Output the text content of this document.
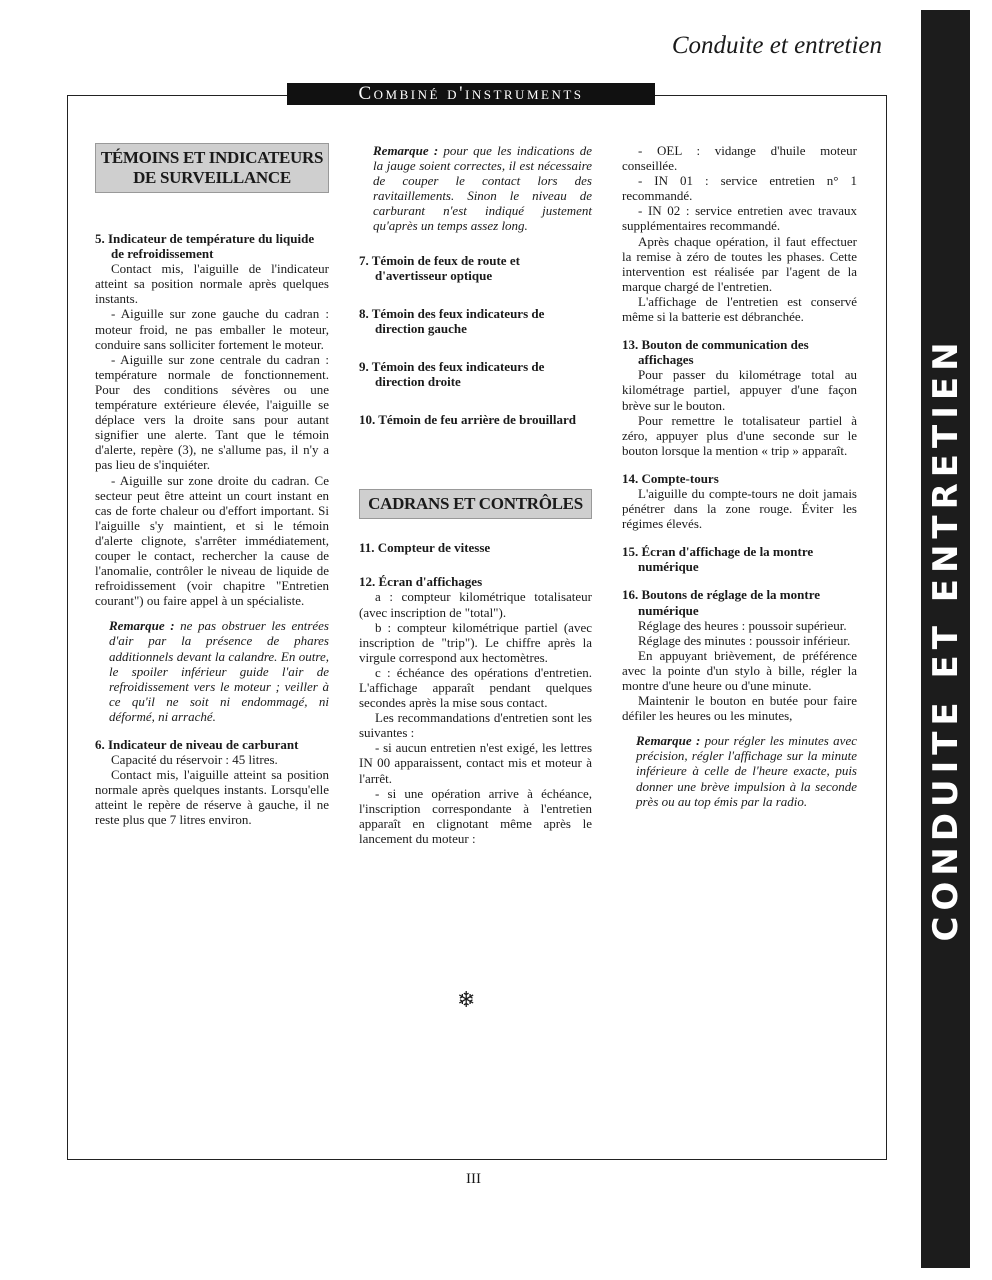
Conduite et entretien
CONDUITE ET ENTRETIEN
Combiné d'instruments
TÉMOINS ET INDICATEURS DE SURVEILLANCE

5. Indicateur de température du liquide de refroidissement

Contact mis, l'aiguille de l'indicateur atteint sa position normale après quelques instants.

- Aiguille sur zone gauche du cadran : moteur froid, ne pas emballer le moteur, conduire sans solliciter fortement le moteur.

- Aiguille sur zone centrale du cadran : température normale de fonctionnement. Pour des conditions sévères ou une température extérieure élevée, l'aiguille se déplace vers la droite sans pour autant signifier une alerte. Tant que le témoin d'alerte, repère (3), ne s'allume pas, il n'y a pas lieu de s'inquiéter.

- Aiguille sur zone droite du cadran. Ce secteur peut être atteint un court instant en cas de forte chaleur ou d'effort important. Si l'aiguille s'y maintient, et si le témoin d'alerte clignote, s'arrêter immédiatement, couper le contact, rechercher la cause de l'anomalie, contrôler le niveau de liquide de refroidissement (voir chapitre "Entretien courant") ou faire appel à un spécialiste.

Remarque : ne pas obstruer les entrées d'air par la présence de phares additionnels devant la calandre. En outre, le spoiler inférieur guide l'air de refroidissement vers le moteur ; veiller à ce qu'il ne soit ni endommagé, ni déformé, ni arraché.

6. Indicateur de niveau de carburant

Capacité du réservoir : 45 litres.

Contact mis, l'aiguille atteint sa position normale après quelques instants. Lorsqu'elle atteint le repère de réserve à gauche, il ne reste plus que 7 litres environ.

Remarque : pour que les indications de la jauge soient correctes, il est nécessaire de couper le contact lors des ravitaillements. Sinon le niveau de carburant n'est indiqué justement qu'après un temps assez long.

7. Témoin de feux de route et d'avertisseur optique

8. Témoin des feux indicateurs de direction gauche

9. Témoin des feux indicateurs de direction droite

10. Témoin de feu arrière de brouillard

CADRANS ET CONTRÔLES

11. Compteur de vitesse

12. Écran d'affichages

a : compteur kilométrique totalisateur (avec inscription de "total").

b : compteur kilométrique partiel (avec inscription de "trip"). Le chiffre après la virgule correspond aux hectomètres.

c : échéance des opérations d'entretien. L'affichage apparaît pendant quelques secondes après la mise sous contact.

Les recommandations d'entretien sont les suivantes :

- si aucun entretien n'est exigé, les lettres IN 00 apparaissent, contact mis et moteur à l'arrêt.

- si une opération arrive à échéance, l'inscription correspondante à l'entretien apparaît en clignotant même après le lancement du moteur :

- OEL : vidange d'huile moteur conseillée.

- IN 01 : service entretien n° 1 recommandé.

- IN 02 : service entretien avec travaux supplémentaires recommandé.

Après chaque opération, il faut effectuer la remise à zéro de toutes les phases. Cette intervention est réalisée par l'agent de la marque chargé de l'entretien.

L'affichage de l'entretien est conservé même si la batterie est débranchée.

13. Bouton de communication des affichages

Pour passer du kilométrage total au kilométrage partiel, appuyer d'une façon brève sur le bouton.

Pour remettre le totalisateur partiel à zéro, appuyer plus d'une seconde sur le bouton lorsque la mention « trip » apparaît.

14. Compte-tours

L'aiguille du compte-tours ne doit jamais pénétrer dans la zone rouge. Éviter les régimes élevés.

15. Écran d'affichage de la montre numérique

16. Boutons de réglage de la montre numérique

Réglage des heures : poussoir supérieur.

Réglage des minutes : poussoir inférieur.

En appuyant brièvement, de préférence avec la pointe d'un stylo à bille, régler la montre d'une heure ou d'une minute.

Maintenir le bouton en butée pour faire défiler les heures ou les minutes,

Remarque : pour régler les minutes avec précision, régler l'affichage sur la minute inférieure à celle de l'heure exacte, puis donner une brève impulsion à la seconde près ou au top émis par la radio.

❄
III
